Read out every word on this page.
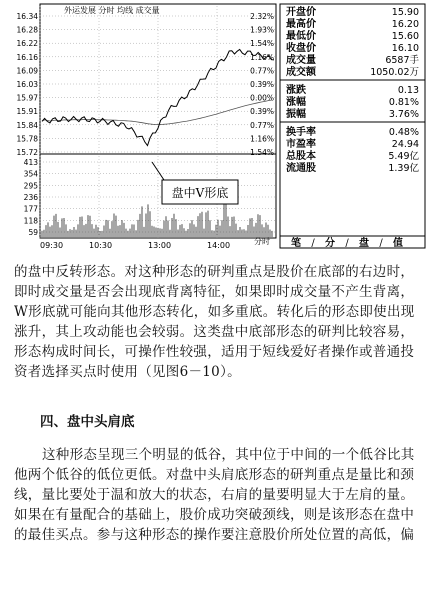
16.34
16.28
16.22
16.16
16.09
16.03
15.97
15.91
15.84
15.78
15.72
2.32%
1.93%
1.54%
1.16%
0.77%
0.39%
0.00%
0.39%
0.77%
1.16%
1.54%
413
354
295
236
177
118
59
09:30	10:30	13:00	14:00
外运发展 分时 均线 成交量
盘中V形底
分时
开盘价	15.90
最高价	16.20
最低价	15.60
收盘价	16.10
成交量	6587手
成交额	1050.02万
涨跌	0.13
涨幅	0.81%
振幅	3.76%
换手率	0.48%
市盈率	24.94
总股本	5.49亿
流通股	1.39亿
笔 / 分 / 盘 / 值
的盘中反转形态。对这种形态的研判重点是股价在底部的右边时，
即时成交量是否会出现底背离特征，如果即时成交量不产生背离，
W形底就可能向其他形态转化，如多重底。转化后的形态即使出现
涨升，其上攻动能也会较弱。这类盘中底部形态的研判比较容易，
形态构成时间长，可操作性较强，适用于短线爱好者操作或普通投
资者选择买点时使用（见图6－10）。
四、盘中头肩底
这种形态呈现三个明显的低谷，其中位于中间的一个低谷比其
他两个低谷的低位更低。对盘中头肩底形态的研判重点是量比和颈
线，量比要处于温和放大的状态，右肩的量要明显大于左肩的量。
如果在有量配合的基础上，股价成功突破颈线，则是该形态在盘中
的最佳买点。参与这种形态的操作要注意股价所处位置的高低，偏
